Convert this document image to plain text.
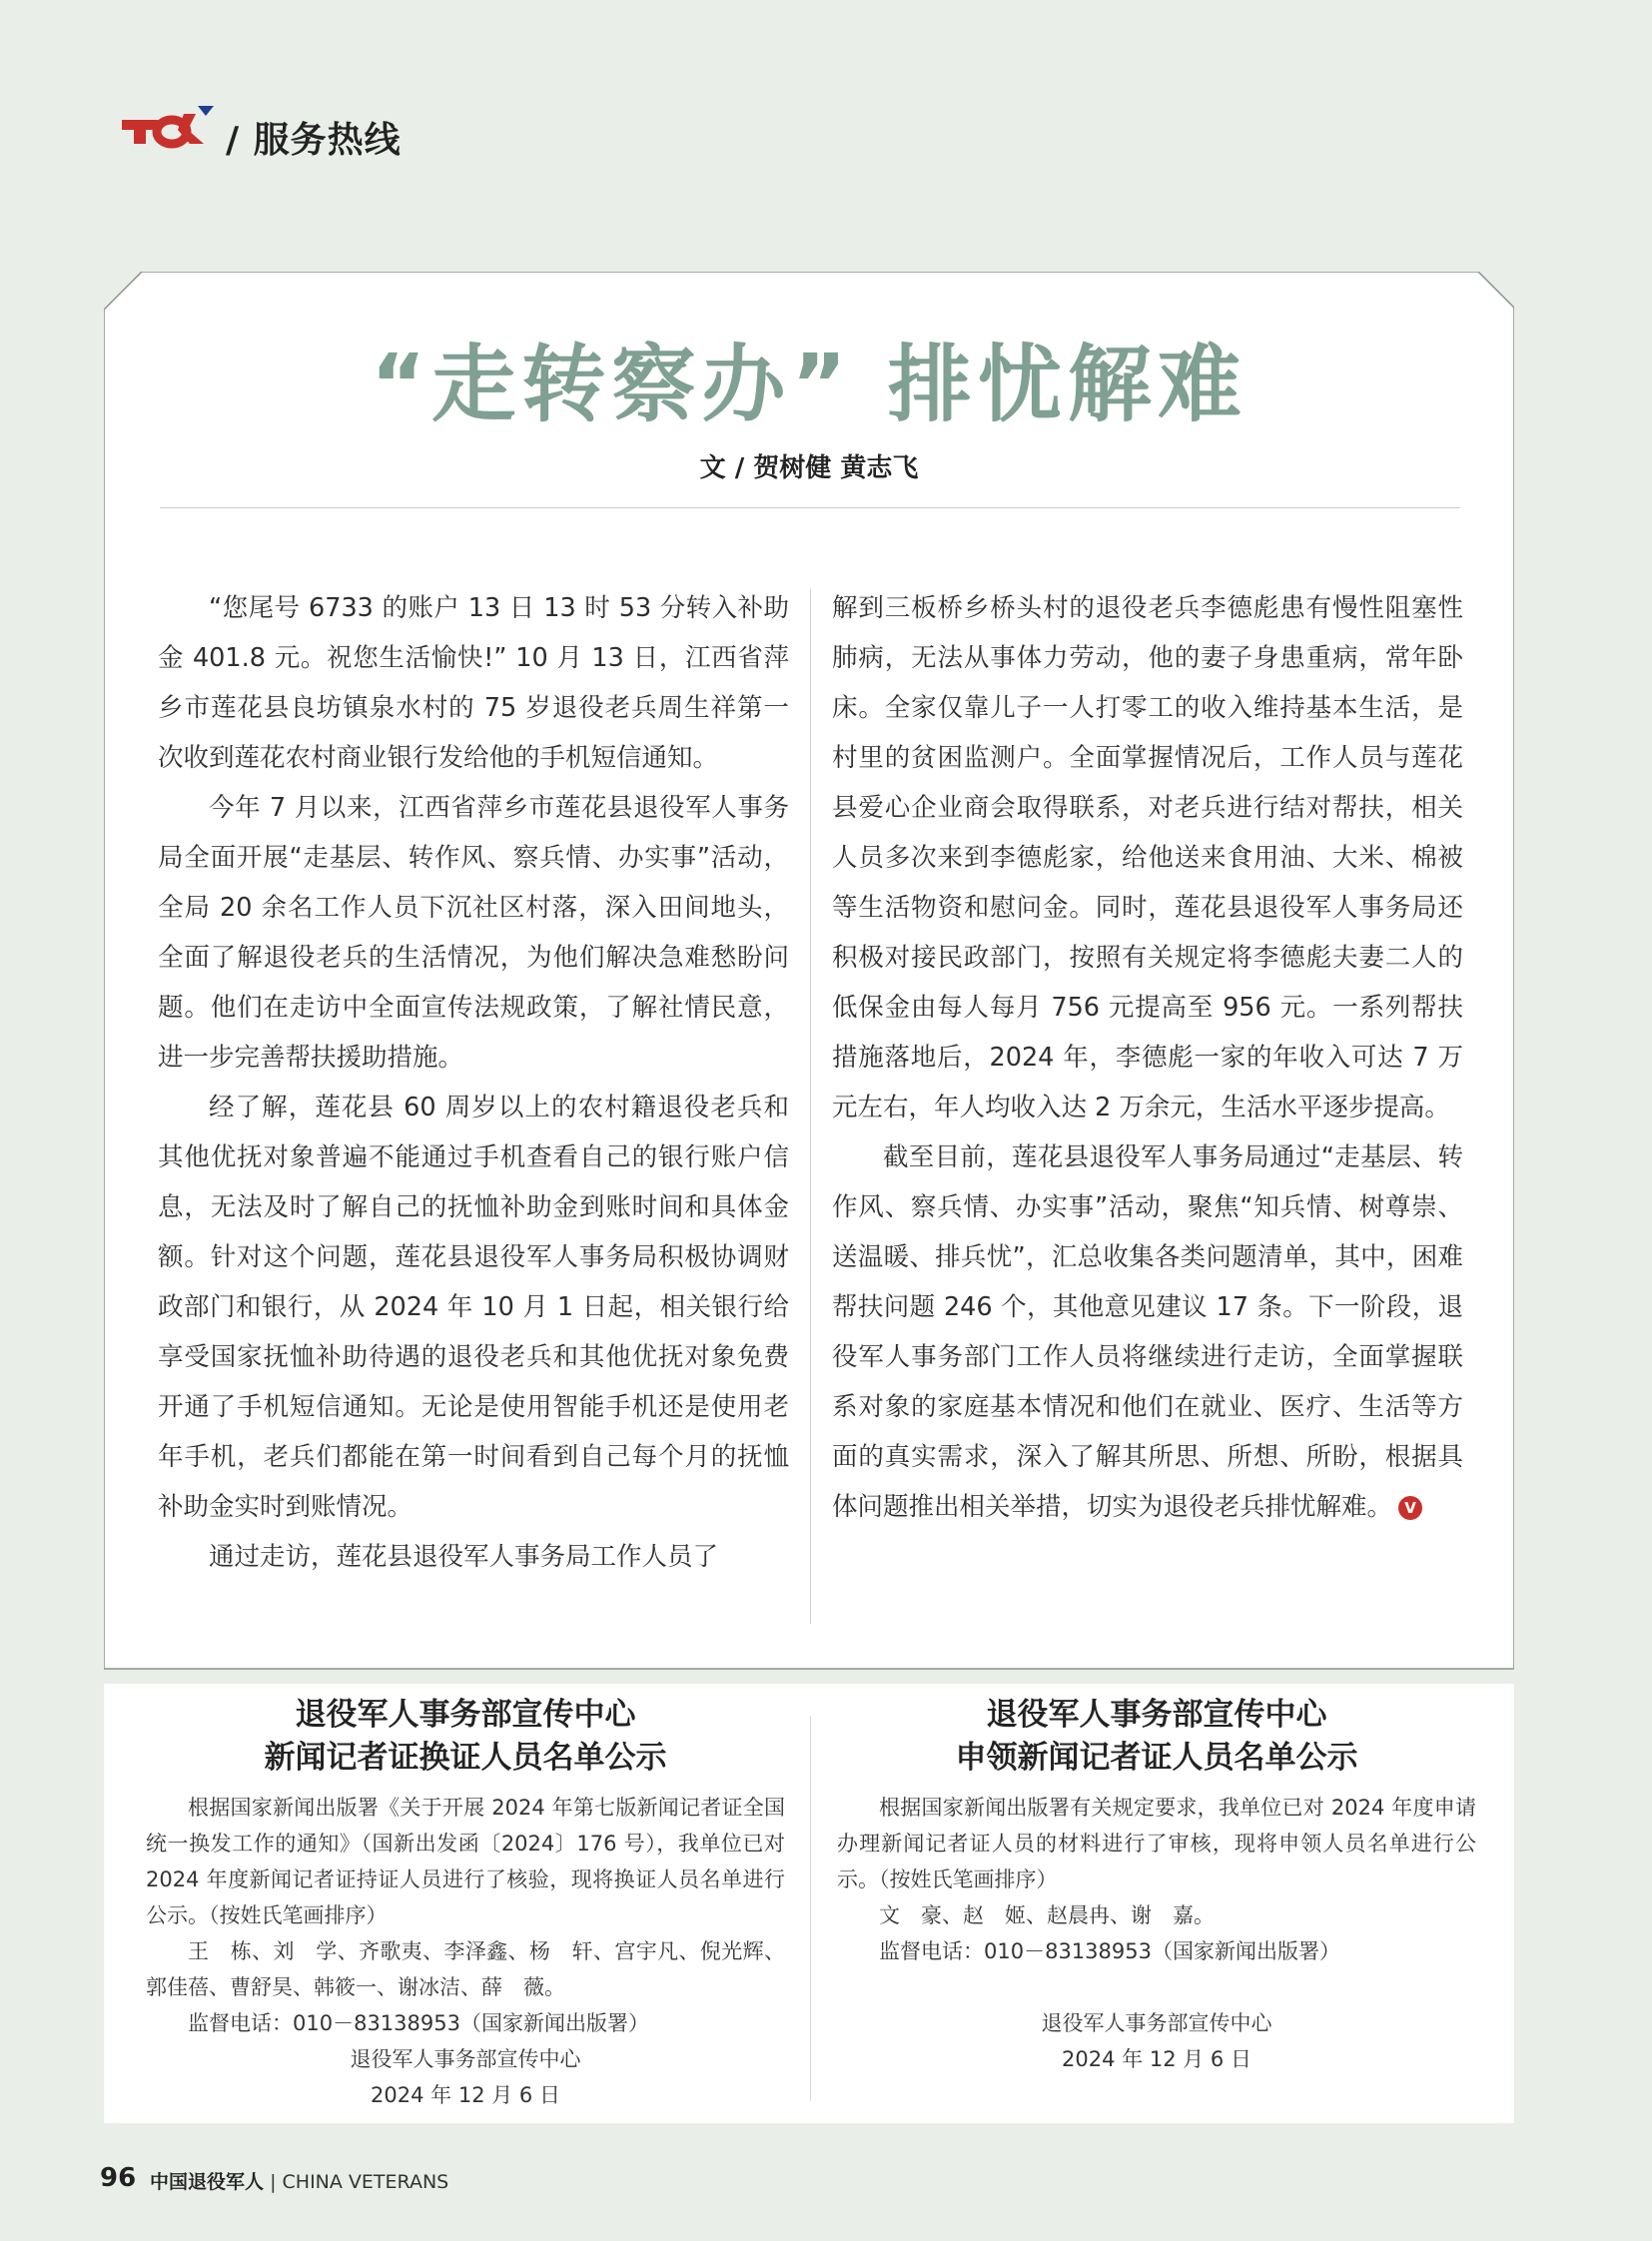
/ 服务热线
“走转察办” 排忧解难
文 / 贺树健 黄志飞

“您尾号 6733 的账户 13 日 13 时 53 分转入补助金 401.8 元。祝您生活愉快!” 10 月 13 日，江西省萍乡市莲花县良坊镇泉水村的 75 岁退役老兵周生祥第一次收到莲花农村商业银行发给他的手机短信通知。

今年 7 月以来，江西省萍乡市莲花县退役军人事务局全面开展“走基层、转作风、察兵情、办实事”活动，全局 20 余名工作人员下沉社区村落，深入田间地头，全面了解退役老兵的生活情况，为他们解决急难愁盼问题。他们在走访中全面宣传法规政策，了解社情民意，进一步完善帮扶援助措施。

经了解，莲花县 60 周岁以上的农村籍退役老兵和其他优抚对象普遍不能通过手机查看自己的银行账户信息，无法及时了解自己的抚恤补助金到账时间和具体金额。针对这个问题，莲花县退役军人事务局积极协调财政部门和银行，从 2024 年 10 月 1 日起，相关银行给享受国家抚恤补助待遇的退役老兵和其他优抚对象免费开通了手机短信通知。无论是使用智能手机还是使用老年手机，老兵们都能在第一时间看到自己每个月的抚恤补助金实时到账情况。

通过走访，莲花县退役军人事务局工作人员了

解到三板桥乡桥头村的退役老兵李德彪患有慢性阻塞性肺病，无法从事体力劳动，他的妻子身患重病，常年卧床。全家仅靠儿子一人打零工的收入维持基本生活，是村里的贫困监测户。全面掌握情况后，工作人员与莲花县爱心企业商会取得联系，对老兵进行结对帮扶，相关人员多次来到李德彪家，给他送来食用油、大米、棉被等生活物资和慰问金。同时，莲花县退役军人事务局还积极对接民政部门，按照有关规定将李德彪夫妻二人的低保金由每人每月 756 元提高至 956 元。一系列帮扶措施落地后，2024 年，李德彪一家的年收入可达 7 万元左右，年人均收入达 2 万余元，生活水平逐步提高。

截至目前，莲花县退役军人事务局通过“走基层、转作风、察兵情、办实事”活动，聚焦“知兵情、树尊崇、送温暖、排兵忧”，汇总收集各类问题清单，其中，困难帮扶问题 246 个，其他意见建议 17 条。下一阶段，退役军人事务部门工作人员将继续进行走访，全面掌握联系对象的家庭基本情况和他们在就业、医疗、生活等方面的真实需求，深入了解其所思、所想、所盼，根据具体问题推出相关举措，切实为退役老兵排忧解难。 V

退役军人事务部宣传中心
新闻记者证换证人员名单公示

根据国家新闻出版署《关于开展 2024 年第七版新闻记者证全国统一换发工作的通知》（国新出发函〔2024〕176 号），我单位已对 2024 年度新闻记者证持证人员进行了核验，现将换证人员名单进行公示。（按姓氏笔画排序）

王　栋、刘　学、齐歌夷、李泽鑫、杨　轩、宫宇凡、倪光辉、郭佳蓓、曹舒昊、韩筱一、谢冰洁、薛　薇。

监督电话：010－83138953（国家新闻出版署）

退役军人事务部宣传中心
2024 年 12 月 6 日
退役军人事务部宣传中心
申领新闻记者证人员名单公示

根据国家新闻出版署有关规定要求，我单位已对 2024 年度申请办理新闻记者证人员的材料进行了审核，现将申领人员名单进行公示。（按姓氏笔画排序）

文　豪、赵　姬、赵晨冉、谢　嘉。

监督电话：010－83138953（国家新闻出版署）

退役军人事务部宣传中心
2024 年 12 月 6 日
96 中国退役军人 | CHINA VETERANS
